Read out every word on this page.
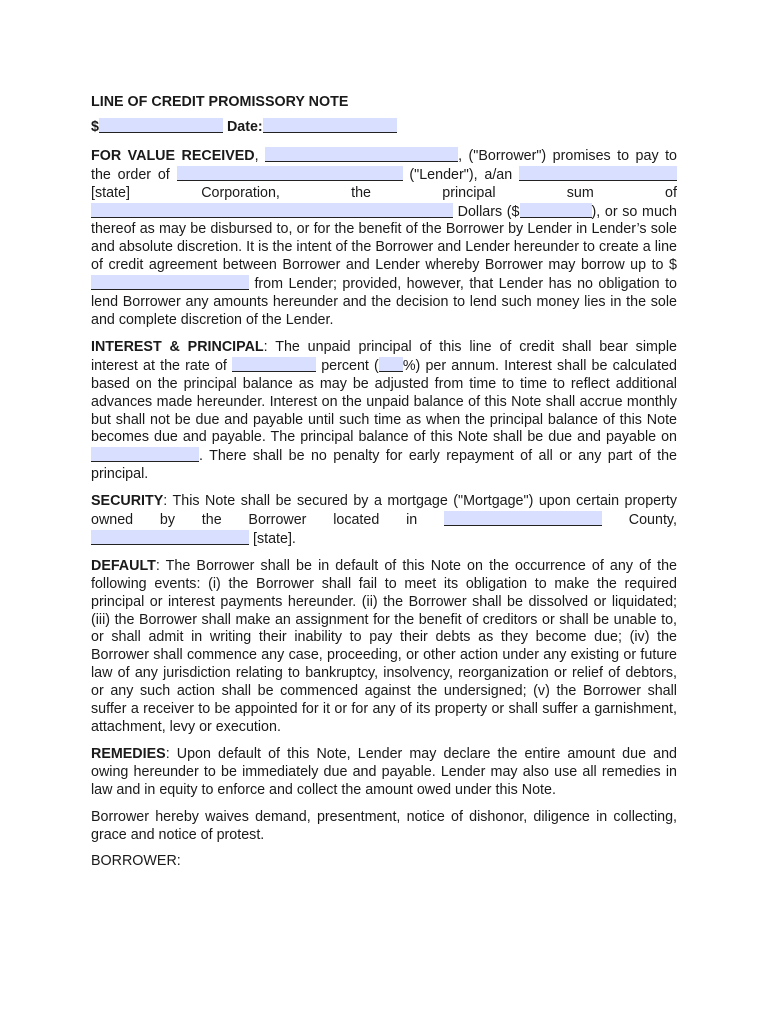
LINE OF CREDIT PROMISSORY NOTE
$	Date:

FOR VALUE RECEIVED,	, ("Borrower") promises to pay to the order of	("Lender"), a/an  [state] Corporation, the principal sum	of  Dollars ($	), or so much thereof as may be disbursed to, or for the benefit of the Borrower by Lender in Lender’s sole and absolute discretion. It is the intent of the Borrower and Lender hereunder to create a line of credit agreement between Borrower and Lender whereby Borrower may borrow up to $ from Lender; provided, however, that Lender has no obligation to lend Borrower any amounts hereunder and the decision to lend such money lies in the sole and complete discretion of the Lender.

INTEREST & PRINCIPAL: The unpaid principal of this line of credit shall bear simple interest at the rate of	percent ( %) per annum. Interest shall be calculated based on the principal balance as may be adjusted from time to time to reflect additional advances made hereunder. Interest on the unpaid balance of this Note shall accrue monthly but shall not be due and payable until such time as when the principal balance of this Note becomes due and payable. The principal balance of this Note shall be due and payable on . There shall be no penalty for early repayment of all or any part of the principal.

SECURITY: This Note shall be secured by a mortgage ("Mortgage") upon certain property owned by the Borrower located in	County,  [state].

DEFAULT: The Borrower shall be in default of this Note on the occurrence of any of the following events: (i) the Borrower shall fail to meet its obligation to make the required principal or interest payments hereunder. (ii) the Borrower shall be dissolved or liquidated; (iii) the Borrower shall make an assignment for the benefit of creditors or shall be unable to, or shall admit in writing their inability to pay their debts as they become due; (iv) the Borrower shall commence any case, proceeding, or other action under any existing or future law of any jurisdiction relating to bankruptcy, insolvency, reorganization or relief of debtors, or any such action shall be commenced against the undersigned; (v) the Borrower shall suffer a receiver to be appointed for it or for any of its property or shall suffer a garnishment, attachment, levy or execution.

REMEDIES: Upon default of this Note, Lender may declare the entire amount due and owing hereunder to be immediately due and payable. Lender may also use all remedies in law and in equity to enforce and collect the amount owed under this Note.

Borrower hereby waives demand, presentment, notice of dishonor, diligence in collecting, grace and notice of protest.

BORROWER:
